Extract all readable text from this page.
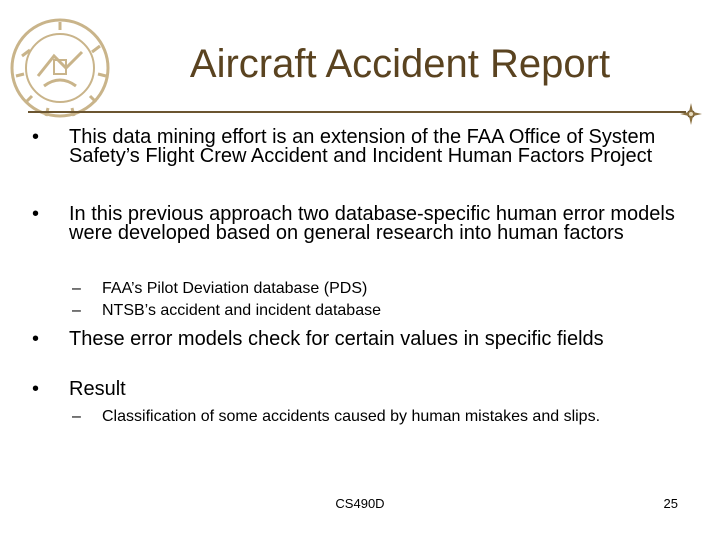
Aircraft Accident Report
• This data mining effort is an extension of the FAA Office of System Safety’s Flight Crew Accident and Incident Human Factors Project
• In this previous approach two database-specific human error models were developed based on general research into human factors
– FAA’s Pilot Deviation database (PDS)
– NTSB’s accident and incident database
• These error models check for certain values in specific fields
• Result
– Classification of some accidents caused by human mistakes and slips.
CS490D	25
